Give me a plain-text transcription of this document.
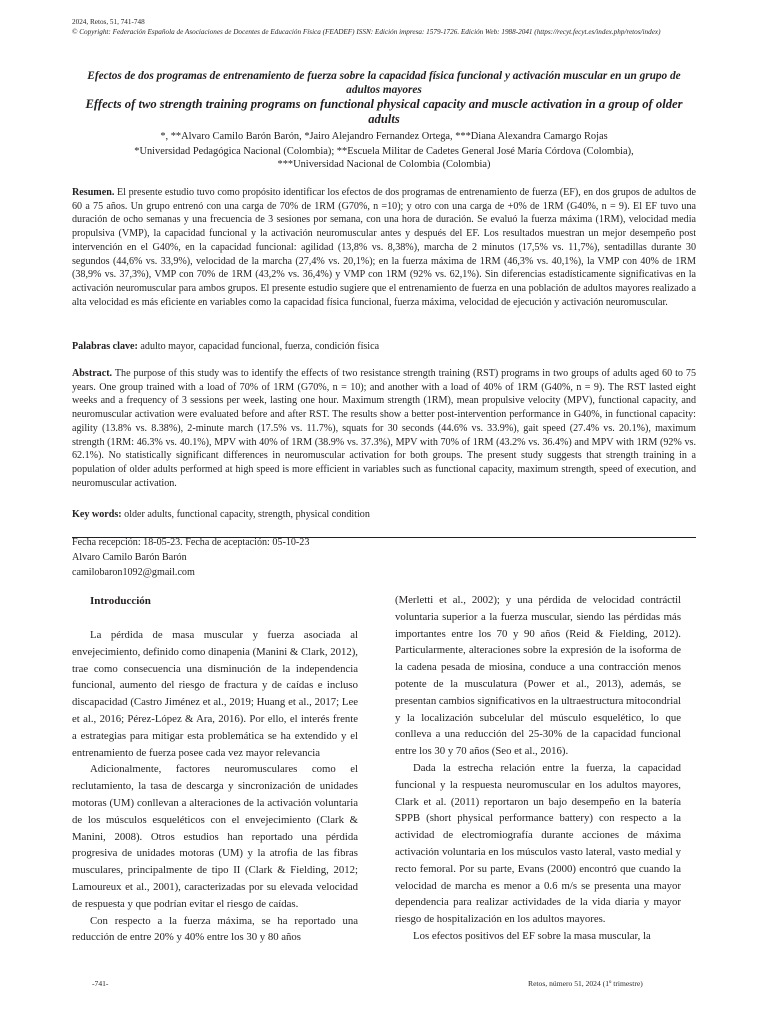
2024, Retos, 51, 741-748
© Copyright: Federación Española de Asociaciones de Docentes de Educación Física (FEADEF) ISSN: Edición impresa: 1579-1726. Edición Web: 1988-2041 (https://recyt.fecyt.es/index.php/retos/index)

Efectos de dos programas de entrenamiento de fuerza sobre la capacidad física funcional y activación muscular en un grupo de adultos mayores

Effects of two strength training programs on functional physical capacity and muscle activation in a group of older adults

*, **Alvaro Camilo Barón Barón, *Jairo Alejandro Fernandez Ortega, ***Diana Alexandra Camargo Rojas

*Universidad Pedagógica Nacional (Colombia); **Escuela Militar de Cadetes General José María Córdova (Colombia),

***Universidad Nacional de Colombia (Colombia)

Resumen. El presente estudio tuvo como propósito identificar los efectos de dos programas de entrenamiento de fuerza (EF), en dos grupos de adultos de 60 a 75 años. Un grupo entrenó con una carga de 70% de 1RM (G70%, n =10); y otro con una carga de +0% de 1RM (G40%, n = 9). El EF tuvo una duración de ocho semanas y una frecuencia de 3 sesiones por semana, con una hora de duración. Se evaluó la fuerza máxima (1RM), velocidad media propulsiva (VMP), la capacidad funcional y la activación neuromuscular antes y después del EF. Los resultados muestran un mejor desempeño post intervención en el G40%, en la capacidad funcional: agilidad (13,8% vs. 8,38%), marcha de 2 minutos (17,5% vs. 11,7%), sentadillas durante 30 segundos (44,6% vs. 33,9%), velocidad de la marcha (27,4% vs. 20,1%); en la fuerza máxima de 1RM (46,3% vs. 40,1%), la VMP con 40% de 1RM (38,9% vs. 37,3%), VMP con 70% de 1RM (43,2% vs. 36,4%) y VMP con 1RM (92% vs. 62,1%). Sin diferencias estadísticamente significativas en la activación neuromuscular para ambos grupos. El presente estudio sugiere que el entrenamiento de fuerza en una población de adultos mayores realizado a alta velocidad es más eficiente en variables como la capacidad física funcional, fuerza máxima, velocidad de ejecución y activación neuromuscular.

Palabras clave: adulto mayor, capacidad funcional, fuerza, condición física

Abstract. The purpose of this study was to identify the effects of two resistance strength training (RST) programs in two groups of adults aged 60 to 75 years. One group trained with a load of 70% of 1RM (G70%, n = 10); and another with a load of 40% of 1RM (G40%, n = 9). The RST lasted eight weeks and a frequency of 3 sessions per week, lasting one hour. Maximum strength (1RM), mean propulsive velocity (MPV), functional capacity, and neuromuscular activation were evaluated before and after RST. The results show a better post-intervention performance in G40%, in functional capacity: agility (13.8% vs. 8.38%), 2-minute march (17.5% vs. 11.7%), squats for 30 seconds (44.6% vs. 33.9%), gait speed (27.4% vs. 20.1%), maximum strength (1RM: 46.3% vs. 40.1%), MPV with 40% of 1RM (38.9% vs. 37.3%), MPV with 70% of 1RM (43.2% vs. 36.4%) and MPV with 1RM (92% vs. 62.1%). No statistically significant differences in neuromuscular activation for both groups. The present study suggests that strength training in a population of older adults performed at high speed is more efficient in variables such as functional capacity, maximum strength, speed of execution, and neuromuscular activation.

Key words: older adults, functional capacity, strength, physical condition

Fecha recepción: 18-05-23. Fecha de aceptación: 05-10-23
Alvaro Camilo Barón Barón
camilobaron1092@gmail.com
Introducción

La pérdida de masa muscular y fuerza asociada al envejecimiento, definido como dinapenia (Manini & Clark, 2012), trae como consecuencia una disminución de la independencia funcional, aumento del riesgo de fractura y de caídas e incluso discapacidad (Castro Jiménez et al., 2019; Huang et al., 2017; Lee et al., 2016; Pérez-López & Ara, 2016). Por ello, el interés frente a estrategias para mitigar esta problemática se ha extendido y el entrenamiento de fuerza posee cada vez mayor relevancia

Adicionalmente, factores neuromusculares como el reclutamiento, la tasa de descarga y sincronización de unidades motoras (UM) conllevan a alteraciones de la activación voluntaria de los músculos esqueléticos con el envejecimiento (Clark & Manini, 2008). Otros estudios han reportado una pérdida progresiva de unidades motoras (UM) y la atrofia de las fibras musculares, principalmente de tipo II (Clark & Fielding, 2012; Lamoureux et al., 2001), caracterizadas por su elevada velocidad de respuesta y que podrían evitar el riesgo de caídas.

Con respecto a la fuerza máxima, se ha reportado una reducción de entre 20% y 40% entre los 30 y 80 años

(Merletti et al., 2002); y una pérdida de velocidad contráctil voluntaria superior a la fuerza muscular, siendo las pérdidas más importantes entre los 70 y 90 años (Reid & Fielding, 2012). Particularmente, alteraciones sobre la expresión de la isoforma de la cadena pesada de miosina, conduce a una contracción menos potente de la musculatura (Power et al., 2013), además, se presentan cambios significativos en la ultraestructura mitocondrial y la localización subcelular del músculo esquelético, lo que conlleva a una reducción del 25-30% de la capacidad funcional entre los 30 y 70 años (Seo et al., 2016).

Dada la estrecha relación entre la fuerza, la capacidad funcional y la respuesta neuromuscular en los adultos mayores, Clark et al. (2011) reportaron un bajo desempeño en la batería SPPB (short physical performance battery) con respecto a la actividad de electromiografía durante acciones de máxima activación voluntaria en los músculos vasto lateral, vasto medial y recto femoral. Por su parte, Evans (2000) encontró que cuando la velocidad de marcha es menor a 0.6 m/s se presenta una mayor dependencia para realizar actividades de la vida diaria y mayor riesgo de hospitalización en los adultos mayores.

Los efectos positivos del EF sobre la masa muscular, la

-741-	Retos, número 51, 2024 (1º trimestre)
